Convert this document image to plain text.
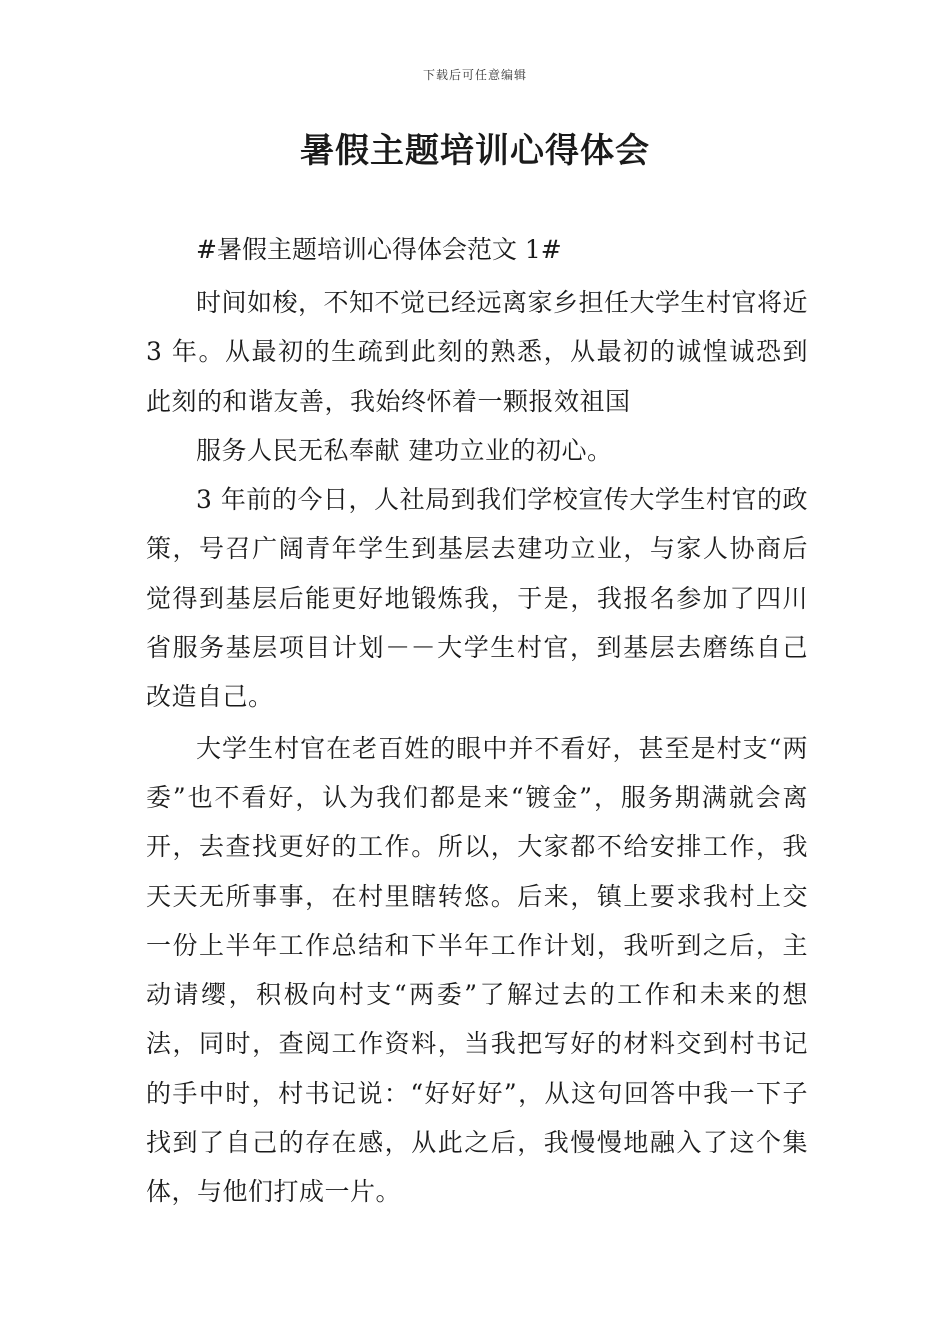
下载后可任意编辑
暑假主题培训心得体会

#暑假主题培训心得体会范文 1#

时间如梭，不知不觉已经远离家乡担任大学生村官将近 3 年。从最初的生疏到此刻的熟悉，从最初的诚惶诚恐到此刻的和谐友善，我始终怀着一颗报效祖国

服务人民无私奉献 建功立业的初心。

3 年前的今日，人社局到我们学校宣传大学生村官的政策，号召广阔青年学生到基层去建功立业，与家人协商后觉得到基层后能更好地锻炼我，于是，我报名参加了四川省服务基层项目计划－－大学生村官，到基层去磨练自己改造自己。

大学生村官在老百姓的眼中并不看好，甚至是村支“两委”也不看好，认为我们都是来“镀金”，服务期满就会离开，去查找更好的工作。所以，大家都不给安排工作，我天天无所事事，在村里瞎转悠。后来，镇上要求我村上交一份上半年工作总结和下半年工作计划，我听到之后，主动请缨，积极向村支“两委”了解过去的工作和未来的想法，同时，查阅工作资料，当我把写好的材料交到村书记的手中时，村书记说：“好好好”，从这句回答中我一下子找到了自己的存在感，从此之后，我慢慢地融入了这个集体，与他们打成一片。
